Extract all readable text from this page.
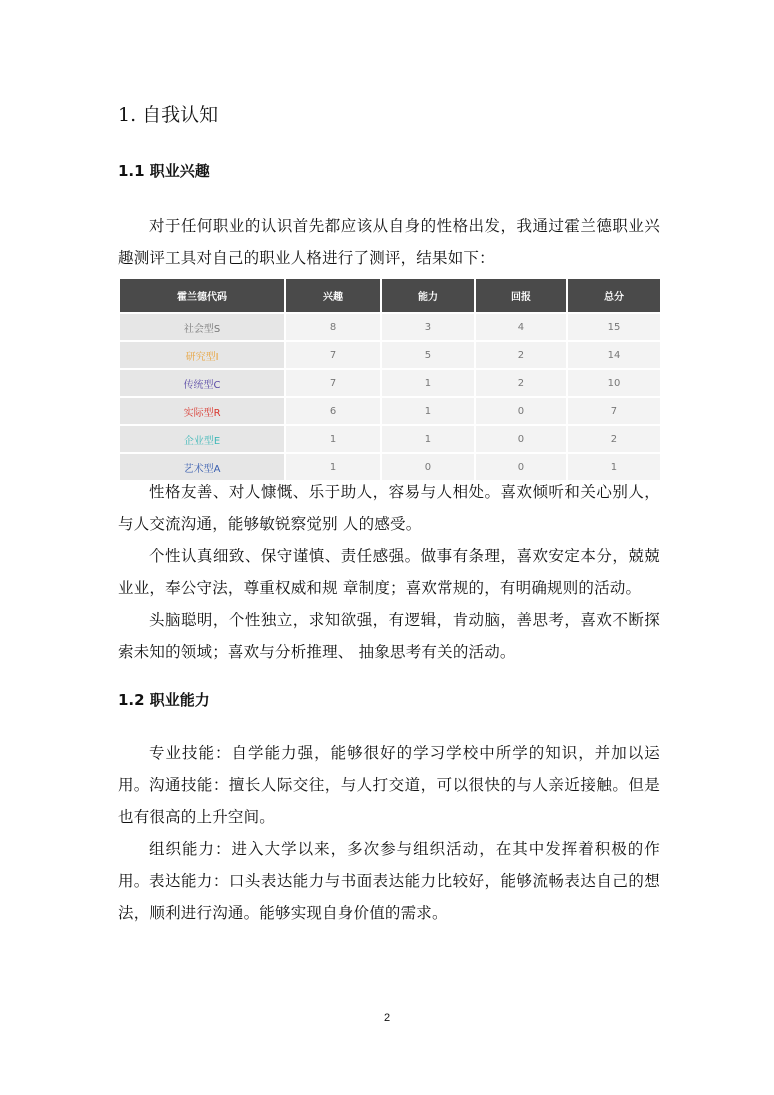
1. 自我认知
1.1 职业兴趣
对于任何职业的认识首先都应该从自身的性格出发，我通过霍兰德职业兴趣测评工具对自己的职业人格进行了测评，结果如下：
霍兰德代码	兴趣	能力	回报	总分
社会型S	8	3	4	15
研究型I	7	5	2	14
传统型C	7	1	2	10
实际型R	6	1	0	7
企业型E	1	1	0	2
艺术型A	1	0	0	1
性格友善、对人慷慨、乐于助人，容易与人相处。喜欢倾听和关心别人，与人交流沟通，能够敏锐察觉别 人的感受。
个性认真细致、保守谨慎、责任感强。做事有条理，喜欢安定本分，兢兢业业，奉公守法，尊重权威和规 章制度；喜欢常规的，有明确规则的活动。
头脑聪明，个性独立，求知欲强，有逻辑，肯动脑，善思考，喜欢不断探索未知的领域；喜欢与分析推理、 抽象思考有关的活动。
1.2 职业能力
专业技能：自学能力强，能够很好的学习学校中所学的知识，并加以运用。 沟通技能：擅长人际交往，与人打交道，可以很快的与人亲近接触。但是也有很高的上升空间。
组织能力：进入大学以来，多次参与组织活动，在其中发挥着积极的作用。 表达能力：口头表达能力与书面表达能力比较好，能够流畅表达自己的想法，顺利进行沟通。能够实现自身价值的需求。
2
